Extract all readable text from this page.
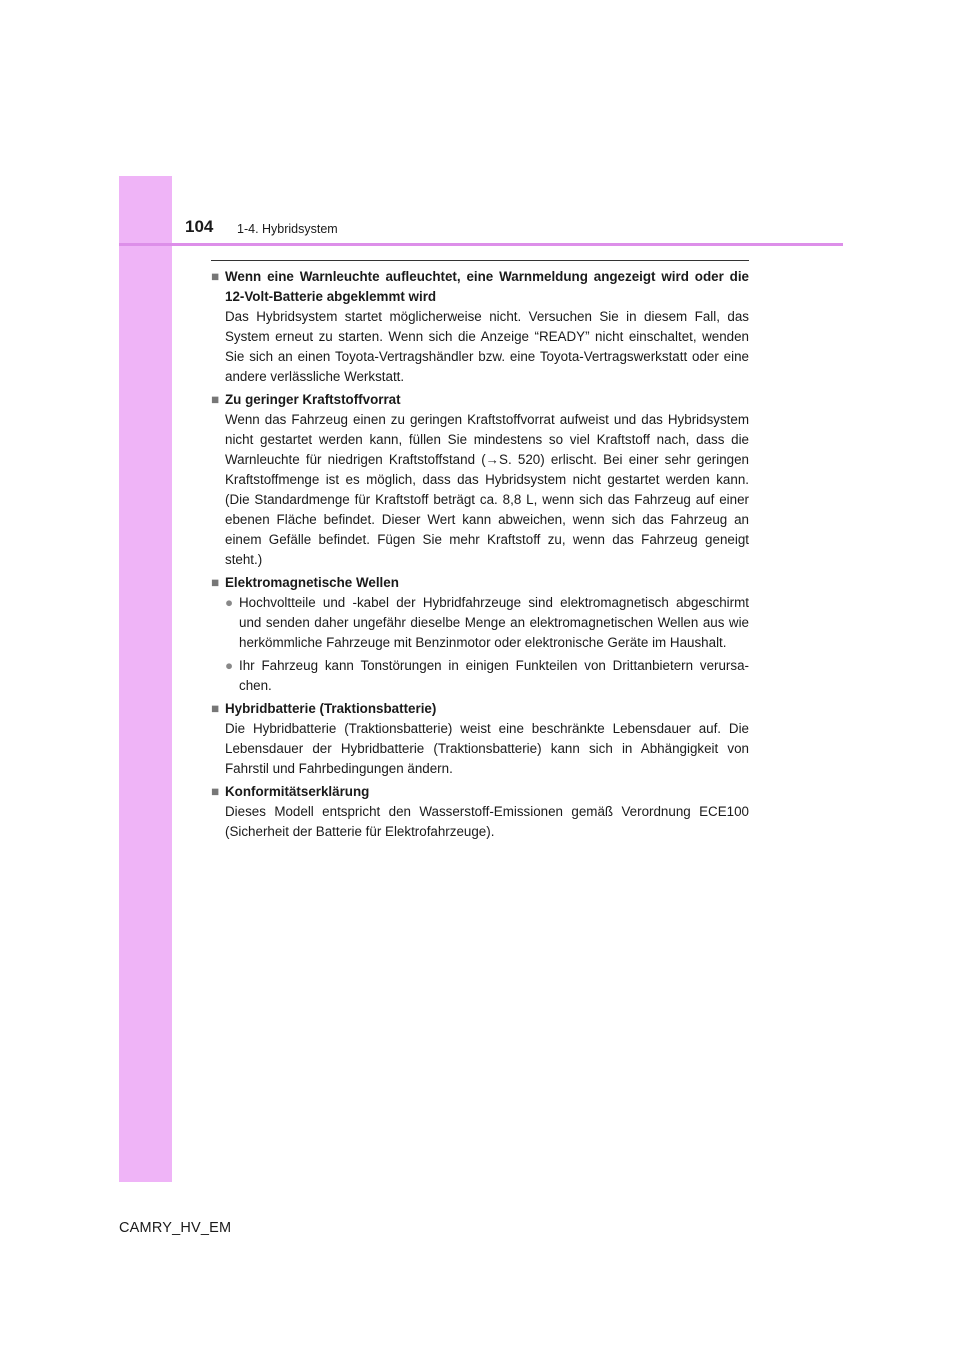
104 1-4. Hybridsystem
■ Wenn eine Warnleuchte aufleuchtet, eine Warnmeldung angezeigt wird oder die 12-Volt-Batterie abgeklemmt wird
Das Hybridsystem startet möglicherweise nicht. Versuchen Sie in diesem Fall, das System erneut zu starten. Wenn sich die Anzeige “READY” nicht einschaltet, wenden Sie sich an einen Toyota-Vertragshändler bzw. eine Toyota-Vertragswerkstatt oder eine andere verlässliche Werkstatt.
■ Zu geringer Kraftstoffvorrat
Wenn das Fahrzeug einen zu geringen Kraftstoffvorrat aufweist und das Hybridsystem nicht gestartet werden kann, füllen Sie mindestens so viel Kraftstoff nach, dass die Warnleuchte für niedrigen Kraftstoffstand (→S. 520) erlischt. Bei einer sehr geringen Kraftstoffmenge ist es möglich, dass das Hybridsystem nicht gestartet werden kann. (Die Standardmenge für Kraftstoff beträgt ca. 8,8 L, wenn sich das Fahrzeug auf einer ebenen Fläche befindet. Dieser Wert kann abweichen, wenn sich das Fahrzeug an einem Gefälle befindet. Fügen Sie mehr Kraftstoff zu, wenn das Fahrzeug geneigt steht.)
■ Elektromagnetische Wellen
● Hochvoltteile und -kabel der Hybridfahrzeuge sind elektromagnetisch abgeschirmt und senden daher ungefähr dieselbe Menge an elektromagnetischen Wellen aus wie herkömmliche Fahrzeuge mit Benzinmotor oder elektronische Geräte im Haushalt.
● Ihr Fahrzeug kann Tonstörungen in einigen Funkteilen von Drittanbietern verursa- chen.
■ Hybridbatterie (Traktionsbatterie)
Die Hybridbatterie (Traktionsbatterie) weist eine beschränkte Lebensdauer auf. Die Lebensdauer der Hybridbatterie (Traktionsbatterie) kann sich in Abhängigkeit von Fahrstil und Fahrbedingungen ändern.
■ Konformitätserklärung
Dieses Modell entspricht den Wasserstoff-Emissionen gemäß Verordnung ECE100 (Sicherheit der Batterie für Elektrofahrzeuge).
CAMRY_HV_EM
